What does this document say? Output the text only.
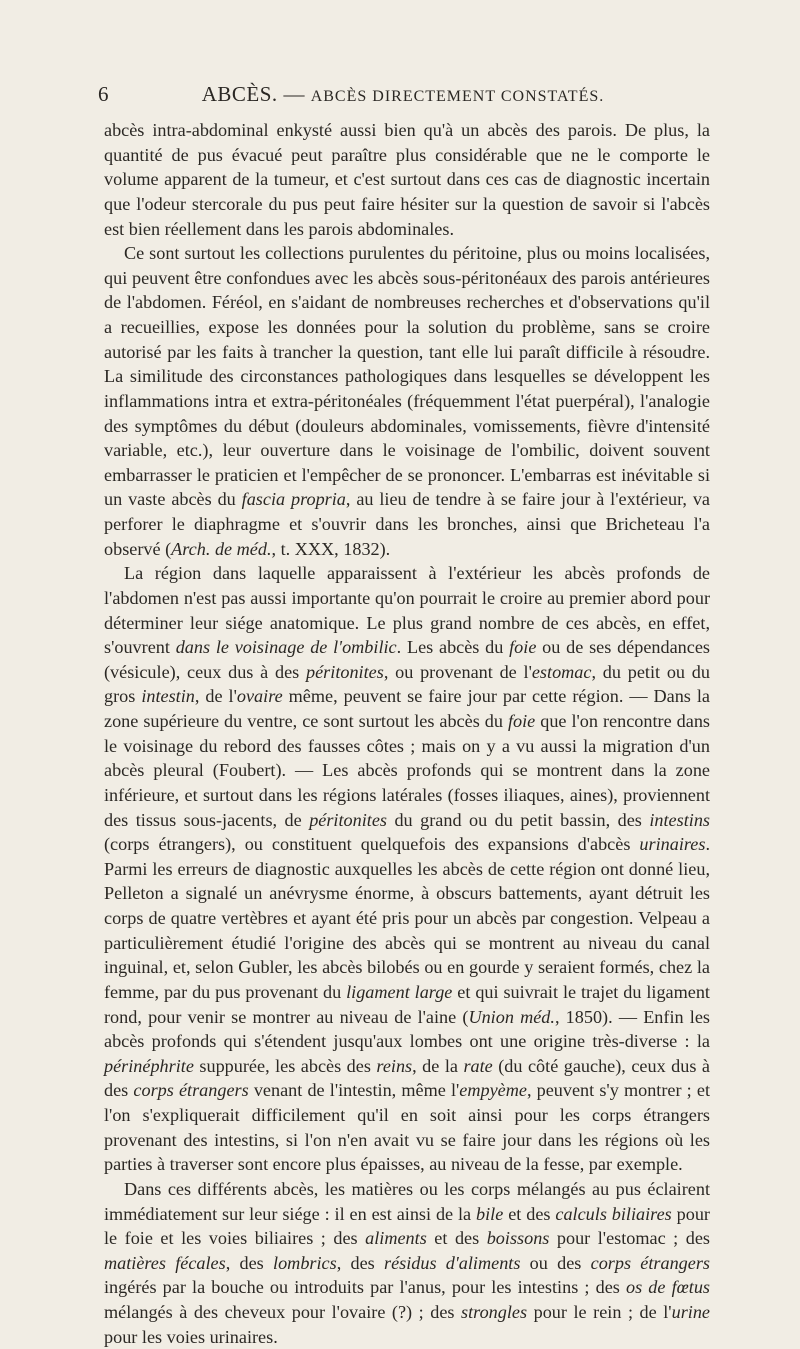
6	ABCÈS. — ABCÈS DIRECTEMENT CONSTATÉS.

abcès intra-abdominal enkysté aussi bien qu'à un abcès des parois. De plus, la quantité de pus évacué peut paraître plus considérable que ne le comporte le volume apparent de la tumeur, et c'est surtout dans ces cas de diagnostic incertain que l'odeur stercorale du pus peut faire hésiter sur la question de savoir si l'abcès est bien réellement dans les parois abdominales.

Ce sont surtout les collections purulentes du péritoine, plus ou moins localisées, qui peuvent être confondues avec les abcès sous-péritonéaux des parois antérieures de l'abdomen. Féréol, en s'aidant de nombreuses recherches et d'observations qu'il a recueillies, expose les données pour la solution du problème, sans se croire autorisé par les faits à trancher la question, tant elle lui paraît difficile à résoudre. La similitude des circonstances pathologiques dans lesquelles se développent les inflammations intra et extra-péritonéales (fréquemment l'état puerpéral), l'analogie des symptômes du début (douleurs abdominales, vomissements, fièvre d'intensité variable, etc.), leur ouverture dans le voisinage de l'ombilic, doivent souvent embarrasser le praticien et l'empêcher de se prononcer. L'embarras est inévitable si un vaste abcès du fascia propria, au lieu de tendre à se faire jour à l'extérieur, va perforer le diaphragme et s'ouvrir dans les bronches, ainsi que Bricheteau l'a observé (Arch. de méd., t. XXX, 1832).

La région dans laquelle apparaissent à l'extérieur les abcès profonds de l'abdomen n'est pas aussi importante qu'on pourrait le croire au premier abord pour déterminer leur siége anatomique. Le plus grand nombre de ces abcès, en effet, s'ouvrent dans le voisinage de l'ombilic. Les abcès du foie ou de ses dépendances (vésicule), ceux dus à des péritonites, ou provenant de l'estomac, du petit ou du gros intestin, de l'ovaire même, peuvent se faire jour par cette région. — Dans la zone supérieure du ventre, ce sont surtout les abcès du foie que l'on rencontre dans le voisinage du rebord des fausses côtes ; mais on y a vu aussi la migration d'un abcès pleural (Foubert). — Les abcès profonds qui se montrent dans la zone inférieure, et surtout dans les régions latérales (fosses iliaques, aines), proviennent des tissus sous-jacents, de péritonites du grand ou du petit bassin, des intestins (corps étrangers), ou constituent quelquefois des expansions d'abcès urinaires. Parmi les erreurs de diagnostic auxquelles les abcès de cette région ont donné lieu, Pelleton a signalé un anévrysme énorme, à obscurs battements, ayant détruit les corps de quatre vertèbres et ayant été pris pour un abcès par congestion. Velpeau a particulièrement étudié l'origine des abcès qui se montrent au niveau du canal inguinal, et, selon Gubler, les abcès bilobés ou en gourde y seraient formés, chez la femme, par du pus provenant du ligament large et qui suivrait le trajet du ligament rond, pour venir se montrer au niveau de l'aine (Union méd., 1850). — Enfin les abcès profonds qui s'étendent jusqu'aux lombes ont une origine très-diverse : la périnéphrite suppurée, les abcès des reins, de la rate (du côté gauche), ceux dus à des corps étrangers venant de l'intestin, même l'empyème, peuvent s'y montrer ; et l'on s'expliquerait difficilement qu'il en soit ainsi pour les corps étrangers provenant des intestins, si l'on n'en avait vu se faire jour dans les régions où les parties à traverser sont encore plus épaisses, au niveau de la fesse, par exemple.

Dans ces différents abcès, les matières ou les corps mélangés au pus éclairent immédiatement sur leur siége : il en est ainsi de la bile et des calculs biliaires pour le foie et les voies biliaires ; des aliments et des boissons pour l'estomac ; des matières fécales, des lombrics, des résidus d'aliments ou des corps étrangers ingérés par la bouche ou introduits par l'anus, pour les intestins ; des os de fœtus mélangés à des cheveux pour l'ovaire (?) ; des strongles pour le rein ; de l'urine pour les voies urinaires.
